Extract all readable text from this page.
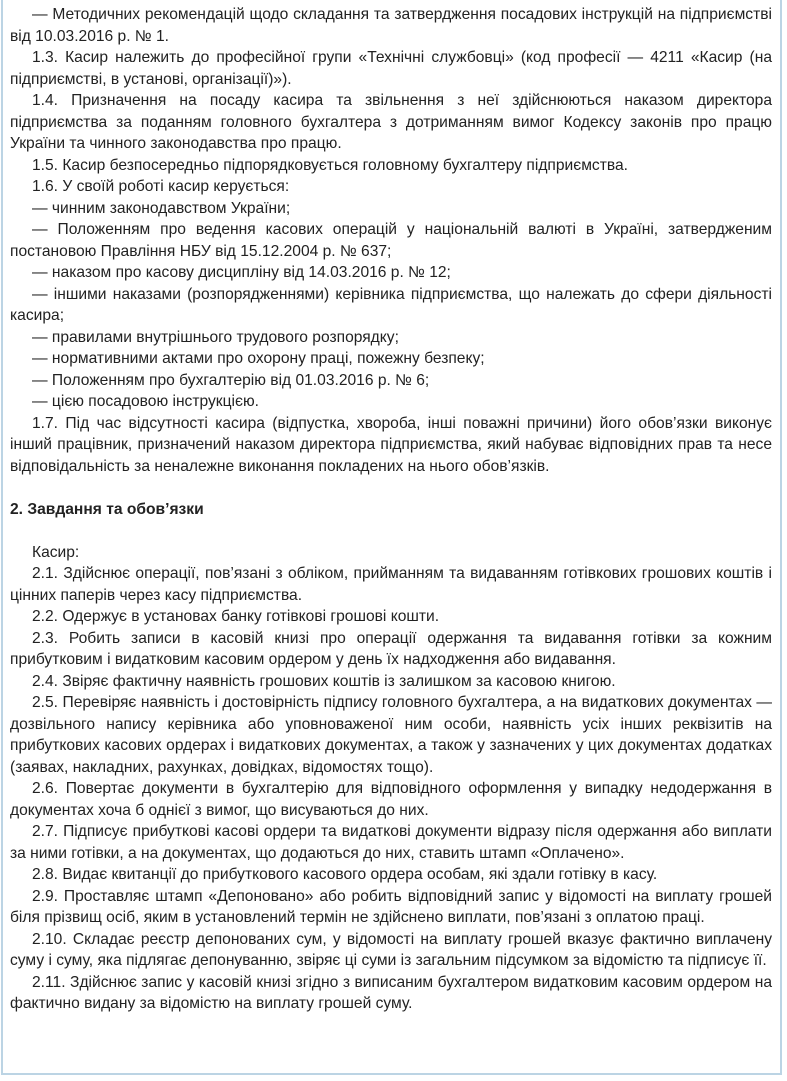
— Методичних рекомендацій щодо складання та затвердження посадових інструкцій на підприємстві від 10.03.2016 р. № 1.

1.3. Касир належить до професійної групи «Технічні службовці» (код професії — 4211 «Касир (на підприємстві, в установі, організації)»).

1.4. Призначення на посаду касира та звільнення з неї здійснюються наказом директора підприємства за поданням головного бухгалтера з дотриманням вимог Кодексу законів про працю України та чинного законодавства про працю.

1.5. Касир безпосередньо підпорядковується головному бухгалтеру підприємства.

1.6. У своїй роботі касир керується:

— чинним законодавством України;

— Положенням про ведення касових операцій у національній валюті в Україні, затвердженим постановою Правління НБУ від 15.12.2004 р. № 637;

— наказом про касову дисципліну від 14.03.2016 р. № 12;

— іншими наказами (розпорядженнями) керівника підприємства, що належать до сфери діяльності касира;

— правилами внутрішнього трудового розпорядку;

— нормативними актами про охорону праці, пожежну безпеку;

— Положенням про бухгалтерію від 01.03.2016 р. № 6;

— цією посадовою інструкцією.

1.7. Під час відсутності касира (відпустка, хвороба, інші поважні причини) його обов’язки виконує інший працівник, призначений наказом директора підприємства, який набуває відповідних прав та несе відповідальність за неналежне виконання покладених на нього обов’язків.

2. Завдання та обов’язки

Касир:

2.1. Здійснює операції, пов’язані з обліком, прийманням та видаванням готівкових грошових коштів і цінних паперів через касу підприємства.

2.2. Одержує в установах банку готівкові грошові кошти.

2.3. Робить записи в касовій книзі про операції одержання та видавання готівки за кожним прибутковим і видатковим касовим ордером у день їх надходження або видавання.

2.4. Звіряє фактичну наявність грошових коштів із залишком за касовою книгою.

2.5. Перевіряє наявність і достовірність підпису головного бухгалтера, а на видаткових документах — дозвільного напису керівника або уповноваженої ним особи, наявність усіх інших реквізитів на прибуткових касових ордерах і видаткових документах, а також у зазначених у цих документах додатках (заявах, накладних, рахунках, довідках, відомостях тощо).

2.6. Повертає документи в бухгалтерію для відповідного оформлення у випадку недодержання в документах хоча б однієї з вимог, що висуваються до них.

2.7. Підписує прибуткові касові ордери та видаткові документи відразу після одержання або виплати за ними готівки, а на документах, що додаються до них, ставить штамп «Оплачено».

2.8. Видає квитанції до прибуткового касового ордера особам, які здали готівку в касу.

2.9. Проставляє штамп «Депоновано» або робить відповідний запис у відомості на виплату грошей біля прізвищ осіб, яким в установлений термін не здійснено виплати, пов’язані з оплатою праці.

2.10. Складає реєстр депонованих сум, у відомості на виплату грошей вказує фактично виплачену суму і суму, яка підлягає депонуванню, звіряє ці суми із загальним підсумком за відомістю та підписує її.

2.11. Здійснює запис у касовій книзі згідно з виписаним бухгалтером видатковим касовим ордером на фактично видану за відомістю на виплату грошей суму.
